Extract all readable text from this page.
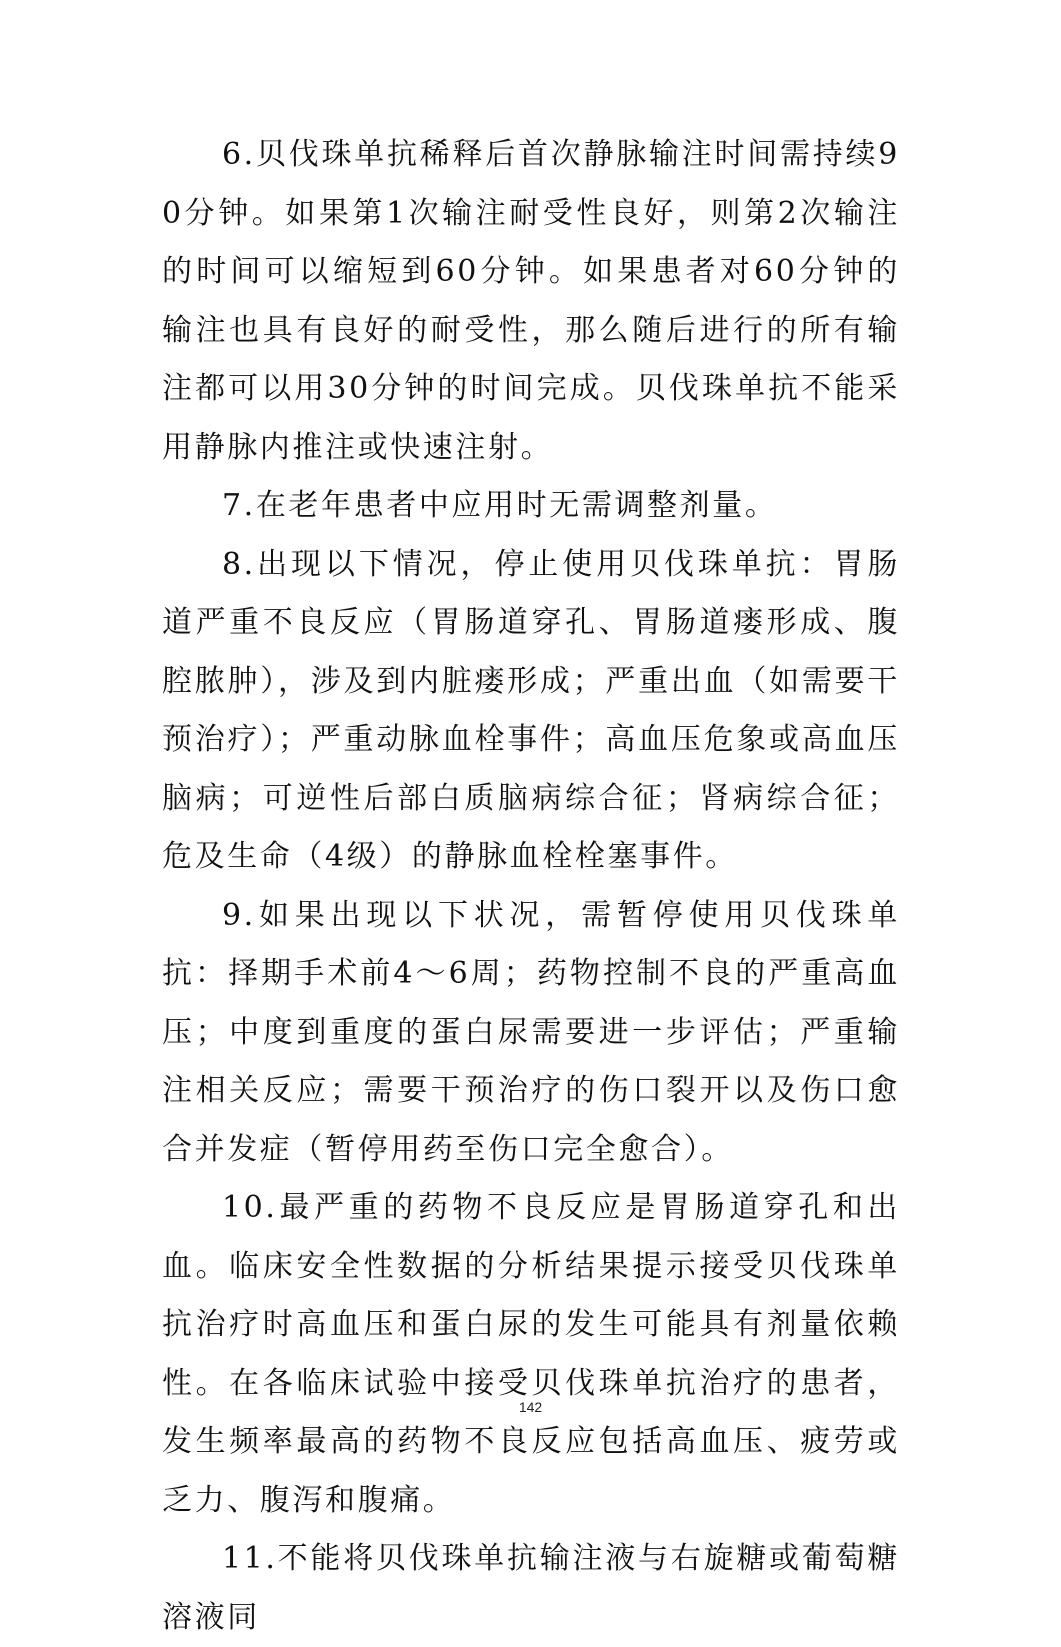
6.贝伐珠单抗稀释后首次静脉输注时间需持续90分钟。如果第1次输注耐受性良好，则第2次输注的时间可以缩短到60分钟。如果患者对60分钟的输注也具有良好的耐受性，那么随后进行的所有输注都可以用30分钟的时间完成。贝伐珠单抗不能采用静脉内推注或快速注射。

7.在老年患者中应用时无需调整剂量。

8.出现以下情况，停止使用贝伐珠单抗：胃肠道严重不良反应（胃肠道穿孔、胃肠道瘘形成、腹腔脓肿），涉及到内脏瘘形成；严重出血（如需要干预治疗）；严重动脉血栓事件；高血压危象或高血压脑病；可逆性后部白质脑病综合征；肾病综合征；危及生命（4级）的静脉血栓栓塞事件。

9.如果出现以下状况，需暂停使用贝伐珠单抗：择期手术前4～6周；药物控制不良的严重高血压；中度到重度的蛋白尿需要进一步评估；严重输注相关反应；需要干预治疗的伤口裂开以及伤口愈合并发症（暂停用药至伤口完全愈合）。

10.最严重的药物不良反应是胃肠道穿孔和出血。临床安全性数据的分析结果提示接受贝伐珠单抗治疗时高血压和蛋白尿的发生可能具有剂量依赖性。在各临床试验中接受贝伐珠单抗治疗的患者，发生频率最高的药物不良反应包括高血压、疲劳或乏力、腹泻和腹痛。

11.不能将贝伐珠单抗输注液与右旋糖或葡萄糖溶液同

142
